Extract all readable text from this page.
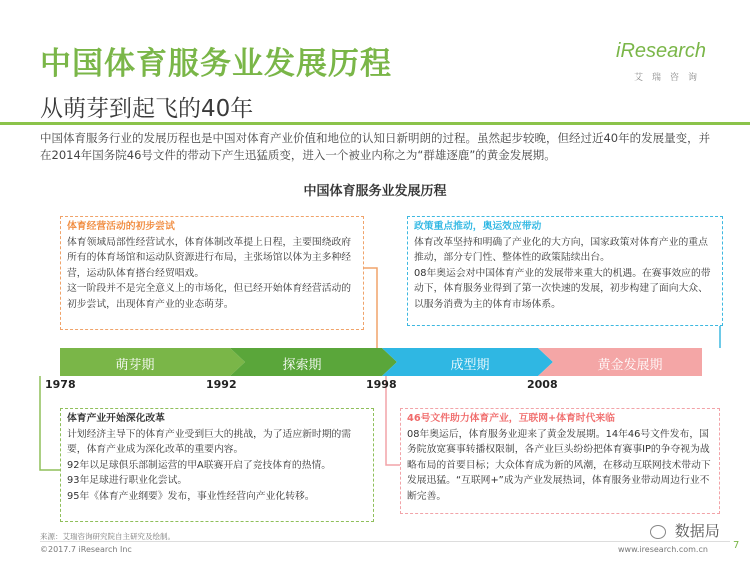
中国体育服务业发展历程
从萌芽到起飞的40年
iResearch
艾瑞咨询
中国体育服务行业的发展历程也是中国对体育产业价值和地位的认知日新明朗的过程。虽然起步较晚，但经过近40年的发展量变，并在2014年国务院46号文件的带动下产生迅猛质变，进入一个被业内称之为“群雄逐鹿”的黄金发展期。
中国体育服务业发展历程

体育经营活动的初步尝试

体育领域局部性经营试水，体育体制改革提上日程，主要围绕政府所有的体育场馆和运动队资源进行布局，主张场馆以体为主多种经营，运动队体育搭台经贸唱戏。

这一阶段并不是完全意义上的市场化，但已经开始体育经营活动的初步尝试，出现体育产业的业态萌芽。

政策重点推动，奥运效应带动

体育改革坚持和明确了产业化的大方向，国家政策对体育产业的重点推动，部分专门性、整体性的政策陆续出台。

08年奥运会对中国体育产业的发展带来重大的机遇。在赛事效应的带动下，体育服务业得到了第一次快速的发展，初步构建了面向大众、以服务消费为主的体育市场体系。

萌芽期	探索期	成型期	黄金发展期
1978	1992	1998	2008

体育产业开始深化改革

计划经济主导下的体育产业受到巨大的挑战，为了适应新时期的需要，体育产业成为深化改革的重要内容。

92年以足球俱乐部制运营的甲A联赛开启了竞技体育的热情。

93年足球进行职业化尝试。

95年《体育产业纲要》发布，事业性经营向产业化转移。

46号文件助力体育产业，互联网+体育时代来临

08年奥运后，体育服务业迎来了黄金发展期。14年46号文件发布，国务院放宽赛事转播权限制，各产业巨头纷纷把体育赛事IP的争夺视为战略布局的首要目标；大众体育成为新的风潮，在移动互联网技术带动下发展迅猛。“互联网+”成为产业发展热词，体育服务业带动周边行业不断完善。

来源：艾瑞咨询研究院自主研究及绘制。
©2017.7 iResearch Inc	www.iresearch.com.cn	7
数据局
